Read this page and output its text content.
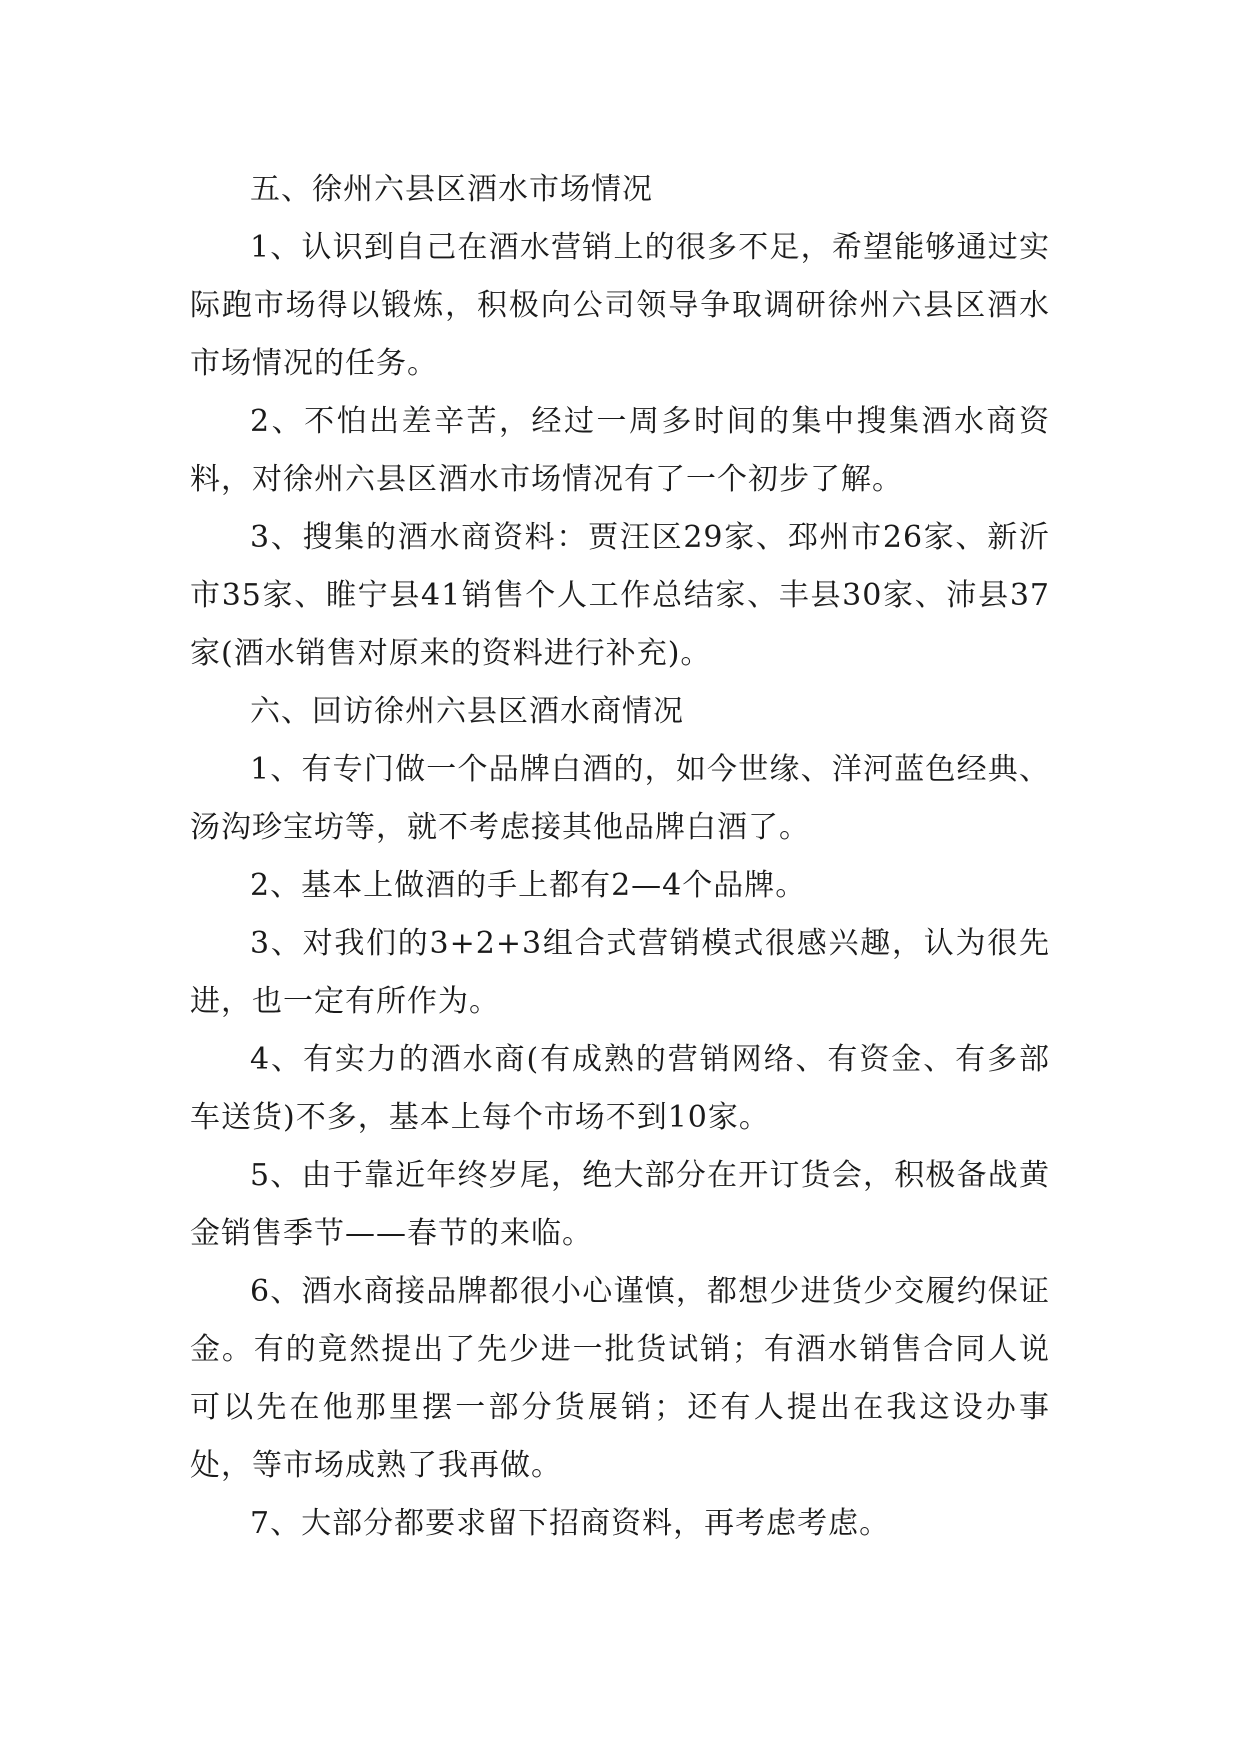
五、徐州六县区酒水市场情况

1、认识到自己在酒水营销上的很多不足，希望能够通过实际跑市场得以锻炼，积极向公司领导争取调研徐州六县区酒水市场情况的任务。

2、不怕出差辛苦，经过一周多时间的集中搜集酒水商资料，对徐州六县区酒水市场情况有了一个初步了解。

3、搜集的酒水商资料：贾汪区29家、邳州市26家、新沂市35家、睢宁县41销售个人工作总结家、丰县30家、沛县37家(酒水销售对原来的资料进行补充)。

六、回访徐州六县区酒水商情况

1、有专门做一个品牌白酒的，如今世缘、洋河蓝色经典、汤沟珍宝坊等，就不考虑接其他品牌白酒了。

2、基本上做酒的手上都有2—4个品牌。

3、对我们的3+2+3组合式营销模式很感兴趣，认为很先进，也一定有所作为。

4、有实力的酒水商(有成熟的营销网络、有资金、有多部车送货)不多，基本上每个市场不到10家。

5、由于靠近年终岁尾，绝大部分在开订货会，积极备战黄金销售季节——春节的来临。

6、酒水商接品牌都很小心谨慎，都想少进货少交履约保证金。有的竟然提出了先少进一批货试销；有酒水销售合同人说可以先在他那里摆一部分货展销；还有人提出在我这设办事处，等市场成熟了我再做。

7、大部分都要求留下招商资料，再考虑考虑。
